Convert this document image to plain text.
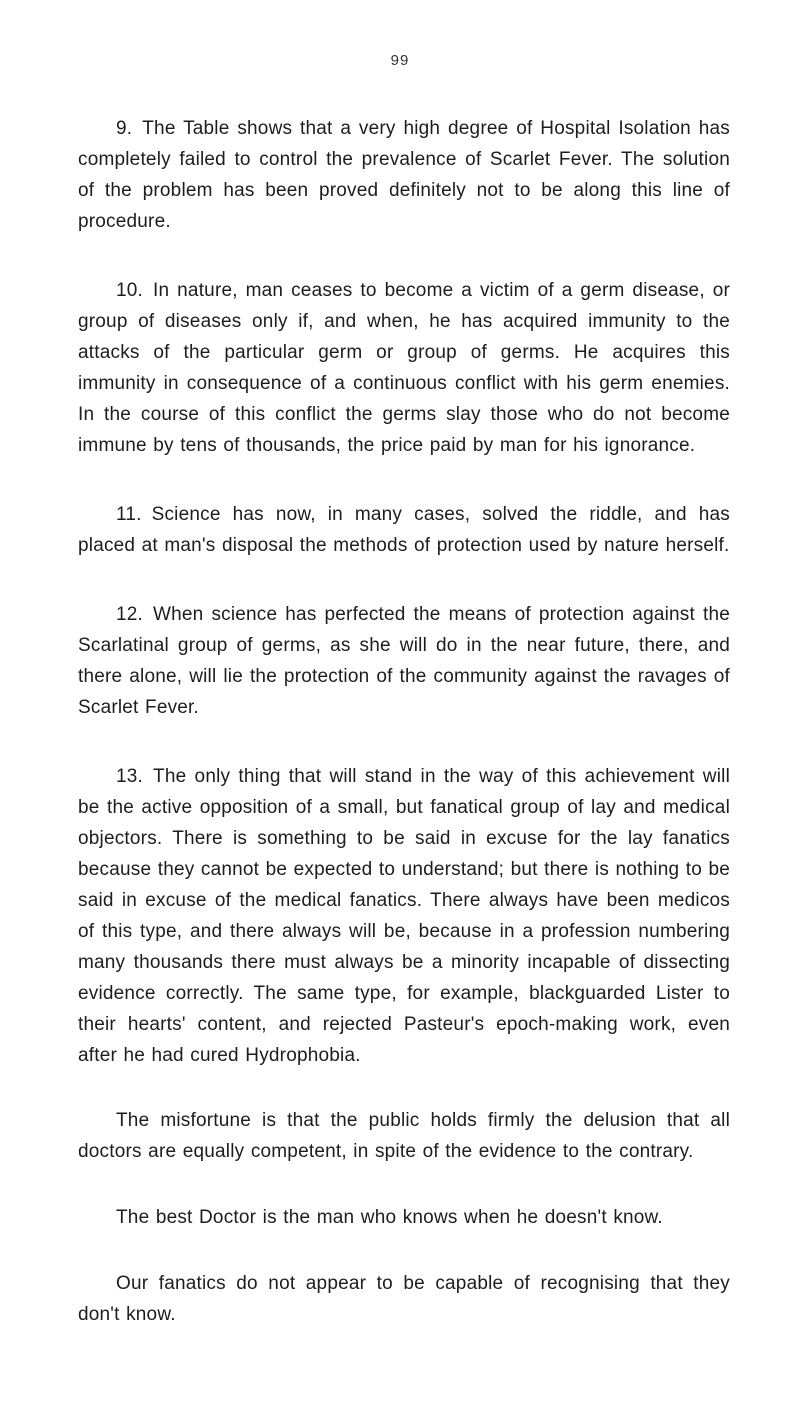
99

9. The Table shows that a very high degree of Hospital Isolation has completely failed to control the prevalence of Scarlet Fever. The solution of the problem has been proved definitely not to be along this line of procedure.

10. In nature, man ceases to become a victim of a germ disease, or group of diseases only if, and when, he has acquired immunity to the attacks of the particular germ or group of germs. He acquires this immunity in consequence of a continuous conflict with his germ enemies. In the course of this conflict the germs slay those who do not become immune by tens of thousands, the price paid by man for his ignorance.

11. Science has now, in many cases, solved the riddle, and has placed at man's disposal the methods of protection used by nature herself.

12. When science has perfected the means of protection against the Scarlatinal group of germs, as she will do in the near future, there, and there alone, will lie the protection of the community against the ravages of Scarlet Fever.

13. The only thing that will stand in the way of this achievement will be the active opposition of a small, but fanatical group of lay and medical objectors. There is something to be said in excuse for the lay fanatics because they cannot be expected to understand; but there is nothing to be said in excuse of the medical fanatics. There always have been medicos of this type, and there always will be, because in a profession numbering many thousands there must always be a minority incapable of dissecting evidence correctly. The same type, for example, blackguarded Lister to their hearts' content, and rejected Pasteur's epoch-making work, even after he had cured Hydrophobia.

The misfortune is that the public holds firmly the delusion that all doctors are equally competent, in spite of the evidence to the contrary.

The best Doctor is the man who knows when he doesn't know.

Our fanatics do not appear to be capable of recognising that they don't know.
